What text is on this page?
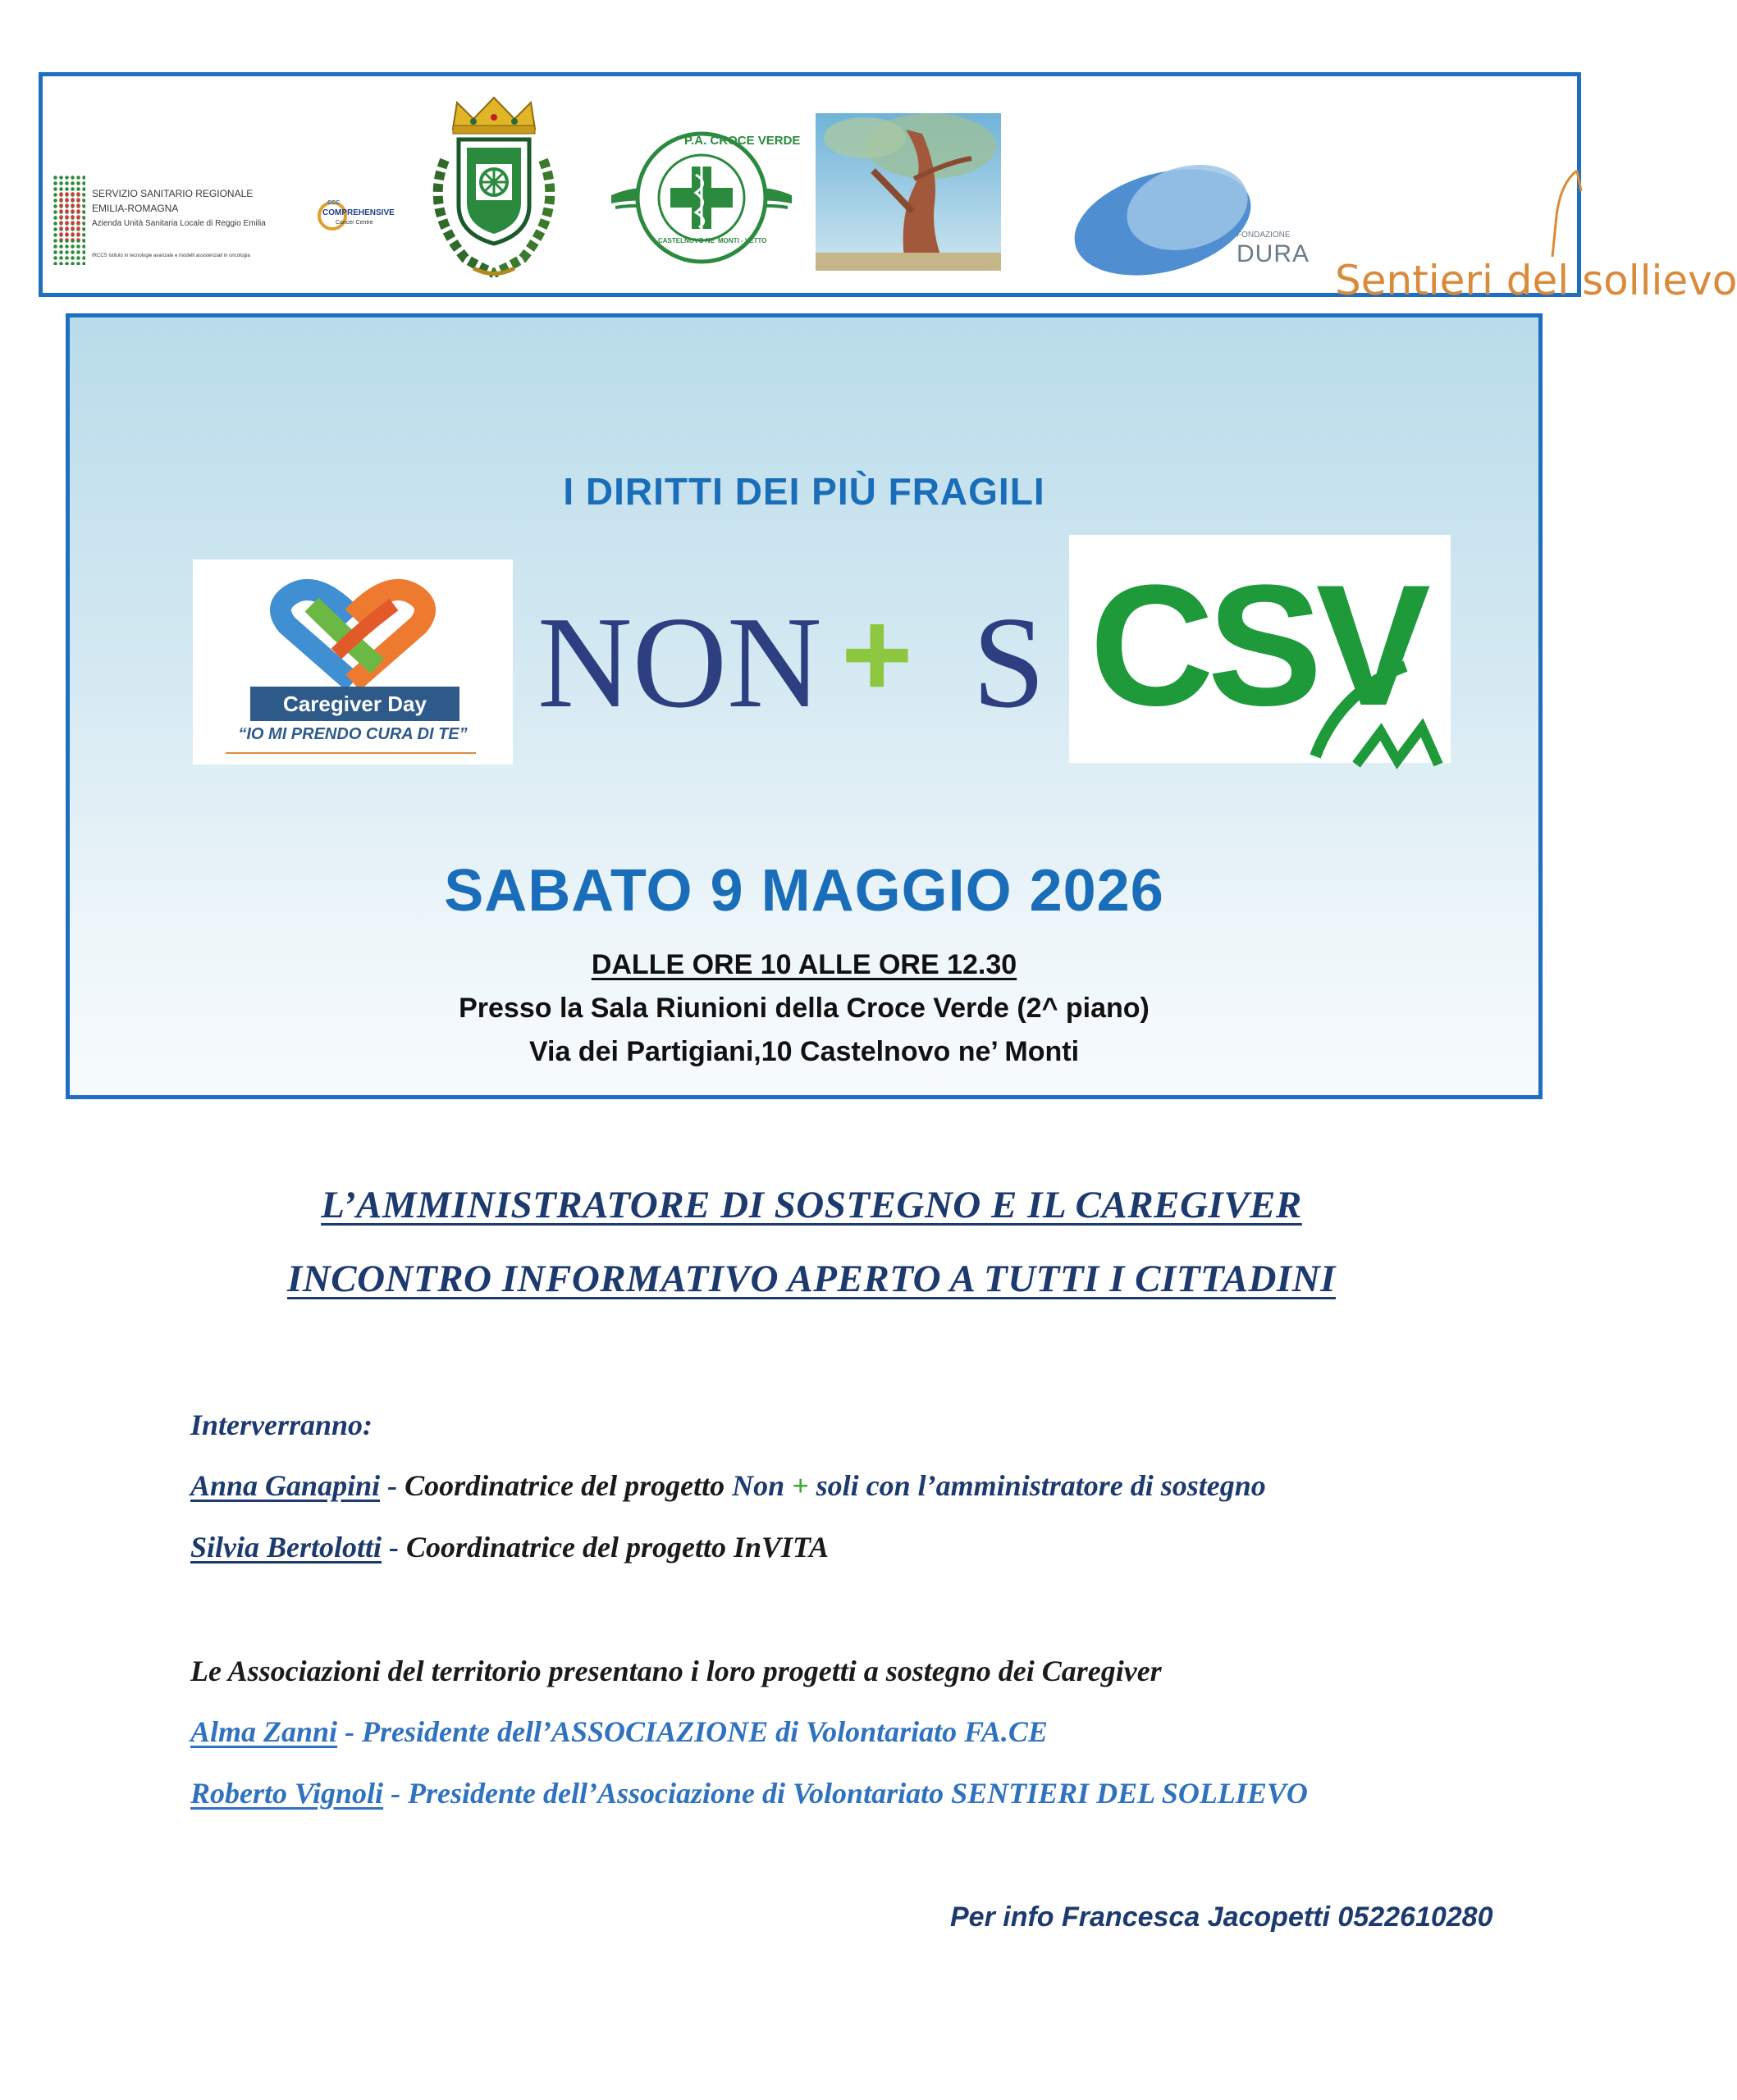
SERVIZIO SANITARIO REGIONALE
EMILIA-ROMAGNA
Azienda Unità Sanitaria Locale di Reggio Emilia
IRCCS Istituto in tecnologie avanzate e modelli assistenziali in oncologia
CCC
COMPREHENSIVE
Cancer Centre
P.A. CROCE VERDE
CASTELNOVO NE' MONTI - VETTO
FONDAZIONE
DURA
Sentieri del sollievo
I DIRITTI DEI PIÙ FRAGILI
Caregiver Day
“IO MI PRENDO CURA DI TE” NON + S CSV
SABATO 9 MAGGIO 2026
DALLE ORE 10 ALLE ORE 12.30
Presso la Sala Riunioni della Croce Verde (2^ piano)
Via dei Partigiani,10 Castelnovo ne’ Monti
L’AMMINISTRATORE DI SOSTEGNO E IL CAREGIVER
INCONTRO INFORMATIVO APERTO A TUTTI I CITTADINI
Interverranno:
Anna Ganapini - Coordinatrice del progetto Non + soli con l’amministratore di sostegno
Silvia Bertolotti - Coordinatrice del progetto InVITA
Le Associazioni del territorio presentano i loro progetti a sostegno dei Caregiver
Alma Zanni - Presidente dell’ASSOCIAZIONE di Volontariato FA.CE
Roberto Vignoli - Presidente dell’Associazione di Volontariato SENTIERI DEL SOLLIEVO
Per info Francesca Jacopetti 0522610280
